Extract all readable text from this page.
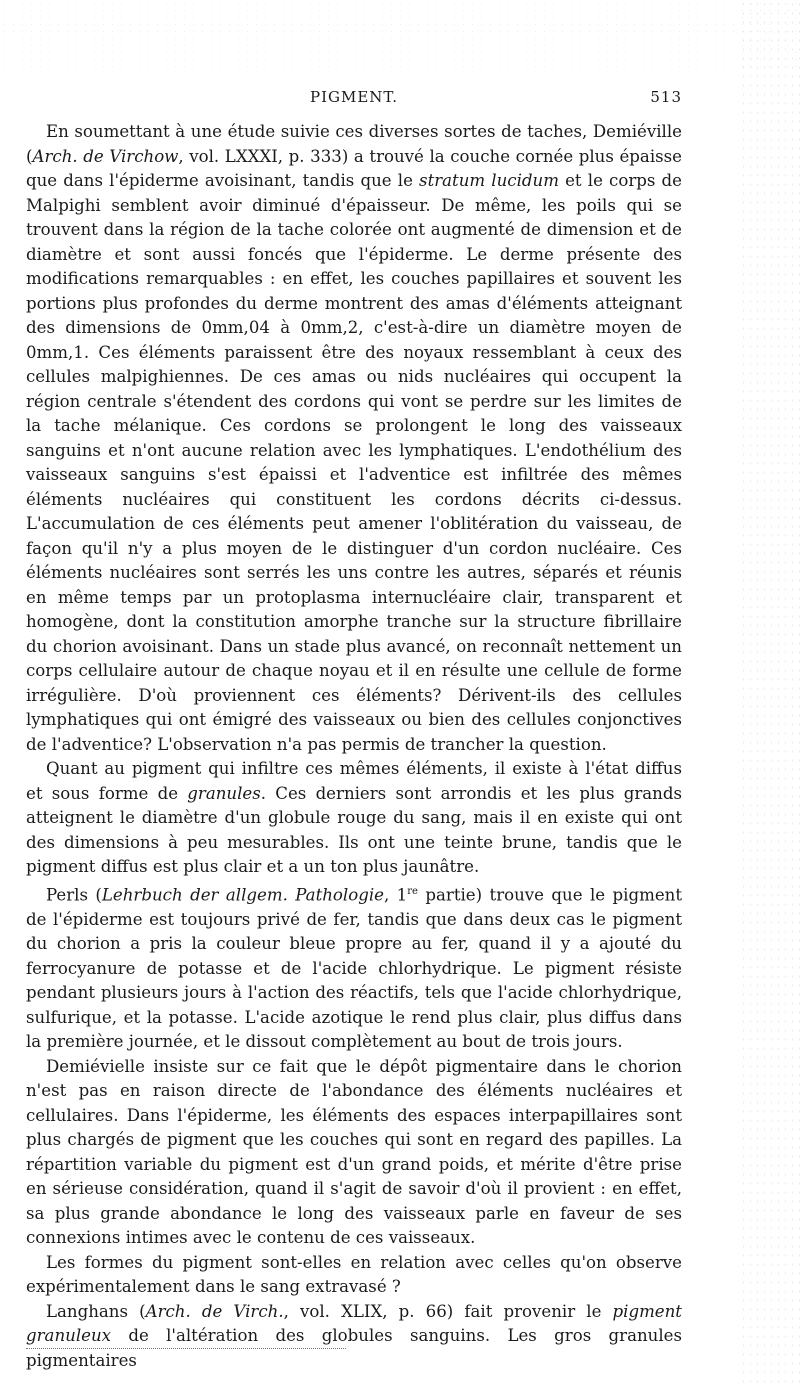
PIGMENT.	513

En soumettant à une étude suivie ces diverses sortes de taches, Demiéville (Arch. de Virchow, vol. LXXXI, p. 333) a trouvé la couche cornée plus épaisse que dans l'épiderme avoisinant, tandis que le stratum lucidum et le corps de Malpighi semblent avoir diminué d'épaisseur. De même, les poils qui se trouvent dans la région de la tache colorée ont augmenté de dimension et de diamètre et sont aussi foncés que l'épiderme. Le derme présente des modifications remarquables : en effet, les couches papillaires et souvent les portions plus profondes du derme montrent des amas d'éléments atteignant des dimensions de 0mm,04 à 0mm,2, c'est-à-dire un diamètre moyen de 0mm,1. Ces éléments paraissent être des noyaux ressemblant à ceux des cellules malpighiennes. De ces amas ou nids nucléaires qui occupent la région centrale s'étendent des cordons qui vont se perdre sur les limites de la tache mélanique. Ces cordons se prolongent le long des vaisseaux sanguins et n'ont aucune relation avec les lymphatiques. L'endothélium des vaisseaux sanguins s'est épaissi et l'adventice est infiltrée des mêmes éléments nucléaires qui constituent les cordons décrits ci-dessus. L'accumulation de ces éléments peut amener l'oblitération du vaisseau, de façon qu'il n'y a plus moyen de le distinguer d'un cordon nucléaire. Ces éléments nucléaires sont serrés les uns contre les autres, séparés et réunis en même temps par un protoplasma internucléaire clair, transparent et homogène, dont la constitution amorphe tranche sur la structure fibrillaire du chorion avoisinant. Dans un stade plus avancé, on reconnaît nettement un corps cellulaire autour de chaque noyau et il en résulte une cellule de forme irrégulière. D'où proviennent ces éléments? Dérivent-ils des cellules lymphatiques qui ont émigré des vaisseaux ou bien des cellules conjonctives de l'adventice? L'observation n'a pas permis de trancher la question.

Quant au pigment qui infiltre ces mêmes éléments, il existe à l'état diffus et sous forme de granules. Ces derniers sont arrondis et les plus grands atteignent le diamètre d'un globule rouge du sang, mais il en existe qui ont des dimensions à peu mesurables. Ils ont une teinte brune, tandis que le pigment diffus est plus clair et a un ton plus jaunâtre.

Perls (Lehrbuch der allgem. Pathologie, 1re partie) trouve que le pigment de l'épiderme est toujours privé de fer, tandis que dans deux cas le pigment du chorion a pris la couleur bleue propre au fer, quand il y a ajouté du ferrocyanure de potasse et de l'acide chlorhydrique. Le pigment résiste pendant plusieurs jours à l'action des réactifs, tels que l'acide chlorhydrique, sulfurique, et la potasse. L'acide azotique le rend plus clair, plus diffus dans la première journée, et le dissout complètement au bout de trois jours.

Demiévielle insiste sur ce fait que le dépôt pigmentaire dans le chorion n'est pas en raison directe de l'abondance des éléments nucléaires et cellulaires. Dans l'épiderme, les éléments des espaces interpapillaires sont plus chargés de pigment que les couches qui sont en regard des papilles. La répartition variable du pigment est d'un grand poids, et mérite d'être prise en sérieuse considération, quand il s'agit de savoir d'où il provient : en effet, sa plus grande abondance le long des vaisseaux parle en faveur de ses connexions intimes avec le contenu de ces vaisseaux.

Les formes du pigment sont-elles en relation avec celles qu'on observe expérimentalement dans le sang extravasé ?

Langhans (Arch. de Virch., vol. XLIX, p. 66) fait provenir le pigment granuleux de l'altération des globules sanguins. Les gros granules pigmentaires
